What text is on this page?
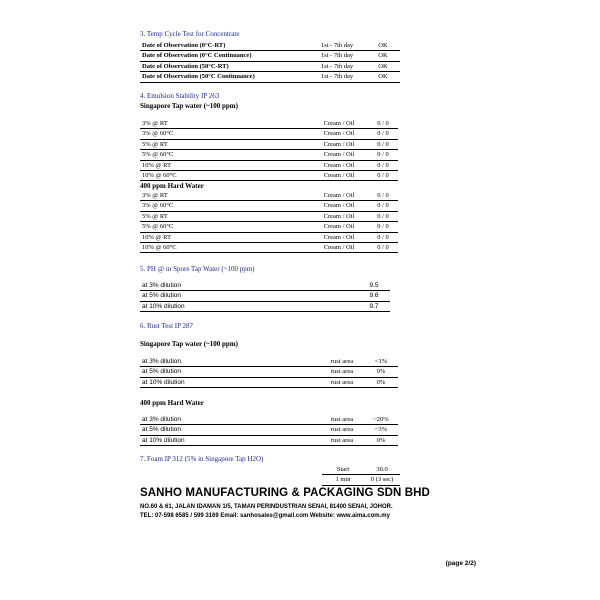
3. Temp Cycle Test for Concentrate
Date of Observation (0°C-RT)	1st - 7th day	OK
Date of Observation (0°C Continuance)	1st - 7th day	OK
Date of Observation (50°C-RT)	1st - 7th day	OK
Date of Observation (50°C Continuance)	1st - 7th day	OK
4. Emulsion Stability IP 263
Singapore Tap water (~100 ppm)
3% @ RT	Cream / Oil	0 / 0
3% @ 60°C	Cream / Oil	0 / 0
5% @ RT	Cream / Oil	0 / 0
5% @ 60°C	Cream / Oil	0 / 0
10% @ RT	Cream / Oil	0 / 0
10% @ 60°C	Cream / Oil	0 / 0
400 ppm Hard Water
3% @ RT	Cream / Oil	0 / 0
3% @ 60°C	Cream / Oil	0 / 0
5% @ RT	Cream / Oil	0 / 0
5% @ 60°C	Cream / Oil	0 / 0
10% @ RT	Cream / Oil	0 / 0
10% @ 60°C	Cream / Oil	0 / 0
5. PH @ in Spore Tap Water (~100 ppm)
at 3% dilution	9.5
at 5% dilution	9.6
at 10% dilution	9.7
6. Rust Test IP 287
Singapore Tap water (~100 ppm)
at 3% dilution	rust area	<1%
at 5% dilution	rust area	0%
at 10% dilution	rust area	0%
400 ppm Hard Water
at 3% dilution	rust area	~20%
at 5% dilution	rust area	~3%
at 10% dilution	rust area	0%
7. Foam IP 312 (5% in Singapore Tap H2O)
Start	30.0
1 min	0 (3 sec)
SANHO MANUFACTURING & PACKAGING SDN BHD
NO.60 & 61, JALAN IDAMAN 1/5, TAMAN PERINDUSTRIAN SENAI, 81400 SENAI, JOHOR.
TEL: 07-598 6585 / 599 3169 Email: sanhosales@gmail.com Website: www.aima.com.my
(page 2/2)
